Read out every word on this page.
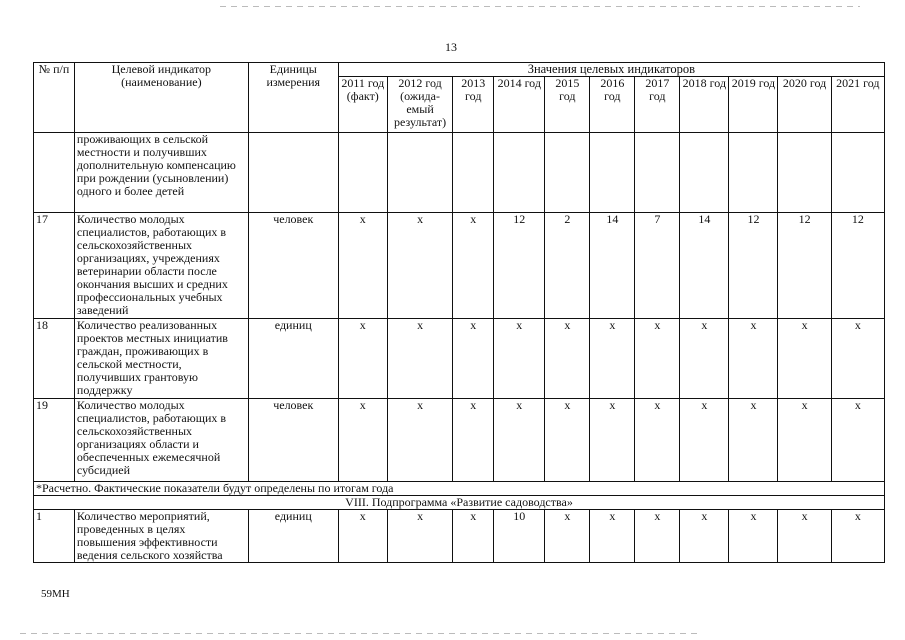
13
№ п/п	Целевой индикатор (наименование)	Единицы измерения	Значения целевых индикаторов										
			2011 год (факт)	2012 год (ожида-емый результат)	2013 год	2014 год	2015 год	2016 год	2017 год	2018 год	2019 год	2020 год	2021 год
	проживающих в сельской местности и получивших дополнительную компенсацию при рождении (усыновлении) одного и более детей												
17	Количество молодых специалистов, работающих в сельскохозяйственных организациях, учреждениях ветеринарии области после окончания высших и средних профессиональных учебных заведений	человек	x	x	x	12	2	14	7	14	12	12	12
18	Количество реализованных проектов местных инициатив граждан, проживающих в сельской местности, получивших грантовую поддержку	единиц	x	x	x	x	x	x	x	x	x	x	x
19	Количество молодых специалистов, работающих в сельскохозяйственных организациях области и обеспеченных ежемесячной субсидией	человек	x	x	x	x	x	x	x	x	x	x	x
*Расчетно. Фактические показатели будут определены по итогам года													
VIII. Подпрограмма «Развитие садоводства»													
1	Количество мероприятий, проведенных в целях повышения эффективности ведения сельского хозяйства	единиц	x	x	x	10	x	x	x	x	x	x	x
59МН
